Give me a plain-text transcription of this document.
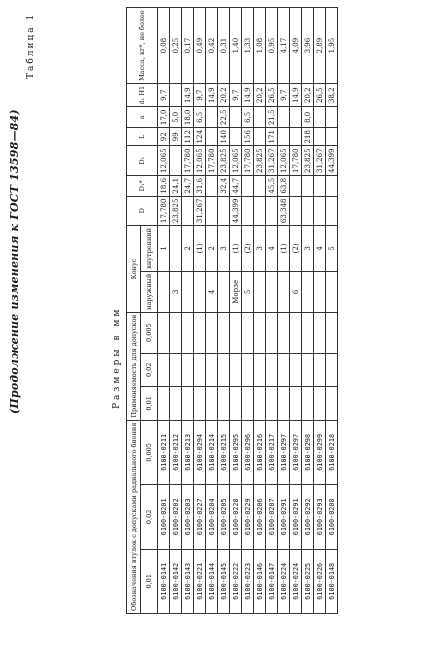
(Продолжение изменения к ГОСТ 13598—84)
Таблица 1
Размеры в мм
Обозначения втулок с допусками радиального биения			Применяемость для допусков			Конус		D	D₁*	D₁	L	a	d₁ Н1	Масса, кг*, не более
0,01	0,02	0,005	0,01	0,02	0,005	наружный	внутренний							
6100-0141	6100-0201	6100-0211					1	17,780	18,6	12,065	92	17,0	9,7	0,08
6100-0142	6100-0202	6100-0212				3		23,825	24,1		99	5,0		0,25
6100-0143	6100-0203	6100-0213					2		24,7	17,780	112	18,0	14,9	0,17
6100-0221	6100-0227	6100-0294					(1)	31,267	31,6	12,065	124	6,5	9,7	0,49
6100-0144	6100-0204	6100-0214				4	2			17,780			14,9	0,42
6100-0145	6100-0205	6100-0215					3		32,4	23,825	140	22,5	20,2	0,31
6100-0222	6100-0228	6100-0295				Морзе	(1)	44,399	44,7	12,065			9,7	1,40
6100-0223	6100-0229	6100-0296				5	(2)			17,780	156	6,5	14,9	1,33
6100-0146	6100-0206	6100-0216					3			23,825			20,2	1,08
6100-0147	6100-0207	6100-0217					4		45,5	31,267	171	21,5	26,5	0,95
6100-0224	6100-0291	6100-0297					(1)	63,348	63,8	12,065			9,7	4,17
6100-0224	6100-0291	6100-0297				6	(2)			17,780			14,9	4,09
6100-0225	6100-0292	6100-0298					3			23,825	218	8,0	20,2	3,96
6100-0226	6100-0293	6100-0299					4			31,267			26,5	2,89
6100-0148	6100-0208	6100-0218					5			44,399			38,2	1,95
